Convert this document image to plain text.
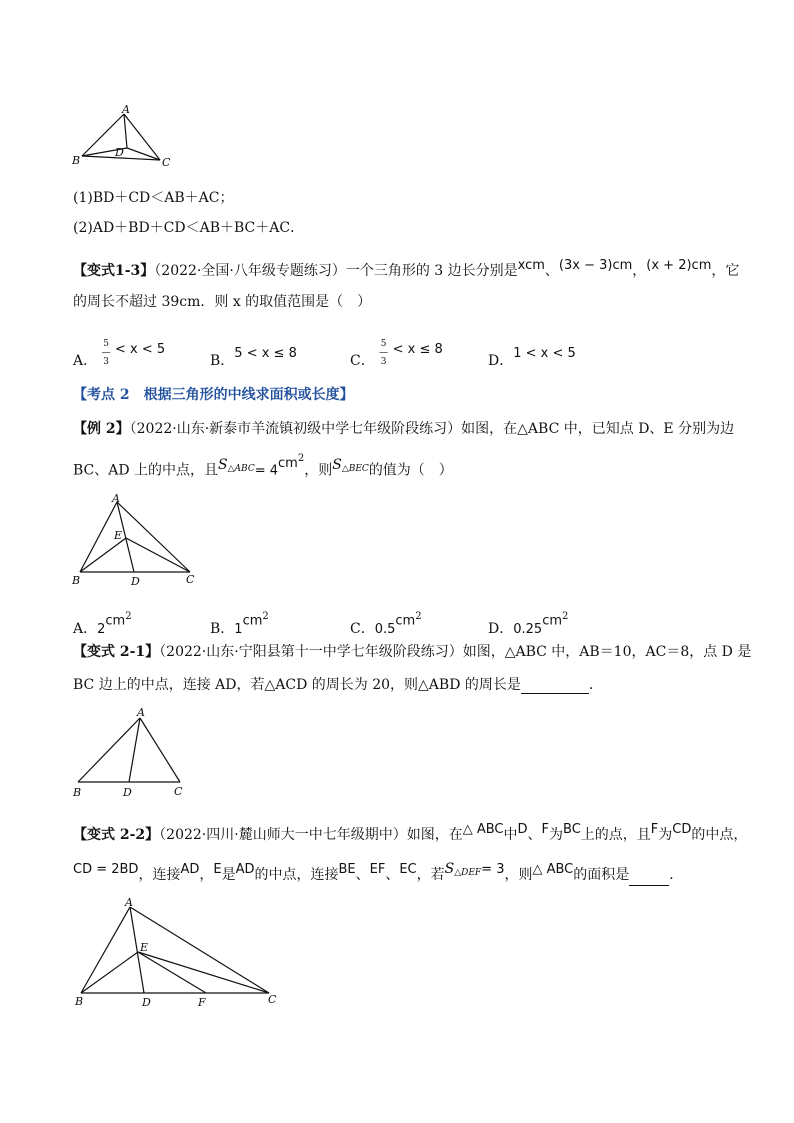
A
B	C
D
(1)BD＋CD＜AB＋AC；
(2)AD＋BD＋CD＜AB＋BC＋AC．
【变式1-3】（2022·全国·八年级专题练习）一个三角形的 3 边长分别是xcm、(3x − 3)cm，(x + 2)cm，它
的周长不超过 39cm．则 x 的取值范围是（　）
A． 5
—
3 < x < 5
B．5 < x ≤ 8	C． 5
—
3 < x ≤ 8
D．1 < x < 5
【考点 2　根据三角形的中线求面积或长度】
【例 2】（2022·山东·新泰市羊流镇初级中学七年级阶段练习）如图，在△ABC 中，已知点 D、E 分别为边
BC、AD 上的中点，且$S^{\triangle ABC}= 4cm^2$，则$S^{\triangle BEC}$的值为（　）
A
B	C
D
E
A．$2cm^2$
B．$1cm^2$
C．$0.5cm^2$
D．$0.25cm^2$
【变式 2-1】（2022·山东·宁阳县第十一中学七年级阶段练习）如图，△ABC 中，AB＝10，AC＝8，点 D 是
BC 边上的中点，连接 AD，若△ACD 的周长为 20，则△ABD 的周长是	．
A
B	C
D
【变式 2-2】（2022·四川·麓山师大一中七年级期中）如图，在△ ABC中D、F为BC上的点，且F为CD的中点，
CD = 2BD，连接AD，E是AD的中点，连接BE、EF、EC，若$S^{\triangle DEF}= 3$，则△ ABC的面积是	．
A
B	C
D
E
F
